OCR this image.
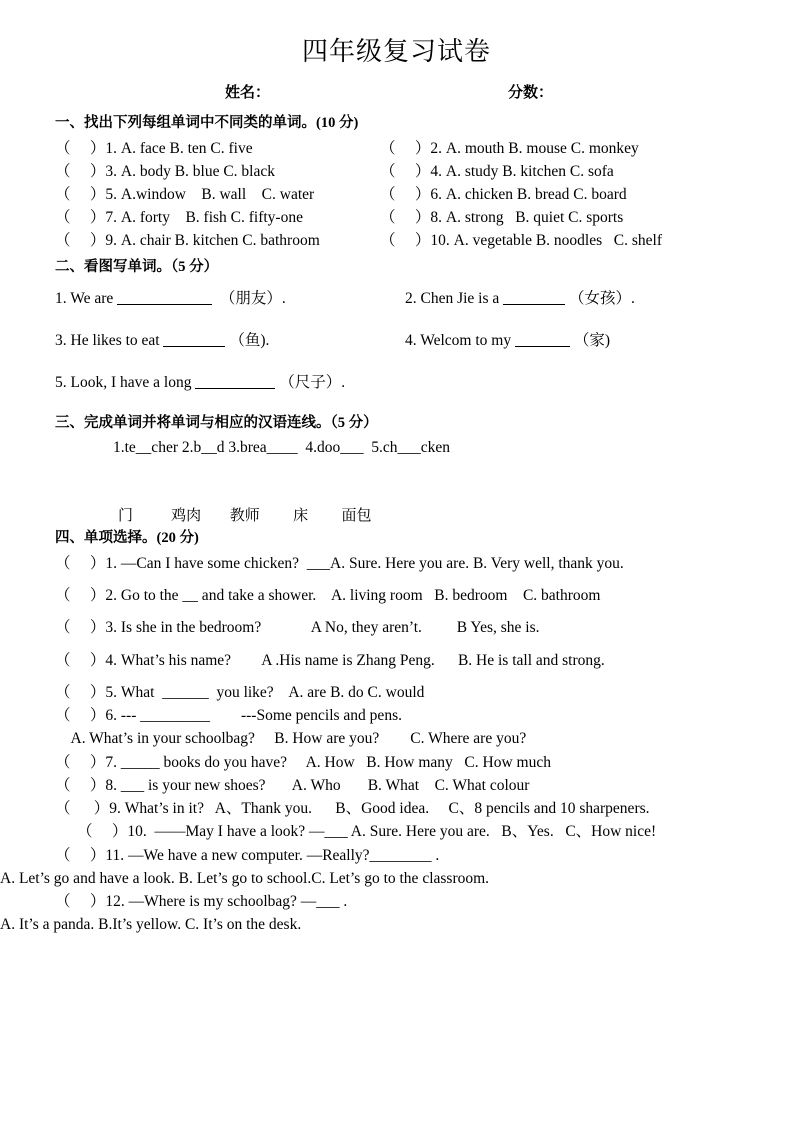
四年级复习试卷
姓名：	分数：
一、找出下列每组单词中不同类的单词。(10 分)

（     ）1. A. face B. ten C. five

	（     ）2. A. mouth B. mouse C. monkey

（     ）3. A. body B. blue C. black

	（     ）4. A. study B. kitchen C. sofa

（     ）5. A.window    B. wall    C. water

	（     ）6. A. chicken B. bread C. board

（     ）7. A. forty    B. fish C. fifty-one

	（     ）8. A. strong   B. quiet C. sports

（     ）9. A. chair B. kitchen C. bathroom

	（     ）10. A. vegetable B. noodles   C. shelf

二、看图写单词。（5 分）

1. We are	（朋友）.

	2. Chen Jie is a	（女孩）.

3. He likes to eat	（鱼).

	4. Welcom to my	（家)

5. Look, I have a long	（尺子）.

三、完成单词并将单词与相应的汉语连线。（5 分）
1.te__cher 2.b__d 3.brea____  4.doo___  5.ch___cken
门        鸡肉      教师       床       面包
四、单项选择。(20 分)
（     ）1. —Can I have some chicken?  ___A. Sure. Here you are. B. Very well, thank you.
（     ）2. Go to the __ and take a shower.    A. living room   B. bedroom    C. bathroom
（     ）3. Is she in the bedroom?             A No, they aren’t.         B Yes, she is.
（     ）4. What’s his name?        A .His name is Zhang Peng.      B. He is tall and strong.
（     ）5. What  ______  you like?    A. are B. do C. would
（     ）6. --- _________        ---Some pencils and pens.
A. What’s in your schoolbag?     B. How are you?        C. Where are you?
（     ）7. _____ books do you have?     A. How   B. How many   C. How much
（     ）8. ___ is your new shoes?       A. Who       B. What    C. What colour
（      ）9. What’s in it?   A、Thank you.      B、Good idea.     C、8 pencils and 10 sharpeners.
（     ）10.  ——May I have a look? —___ A. Sure. Here you are.   B、Yes.   C、How nice!
（     ）11. —We have a new computer. —Really?________ .
A. Let’s go and have a look. B. Let’s go to school.C. Let’s go to the classroom.
（     ）12. —Where is my schoolbag? —___ .
A. It’s a panda. B.It’s yellow. C. It’s on the desk.
